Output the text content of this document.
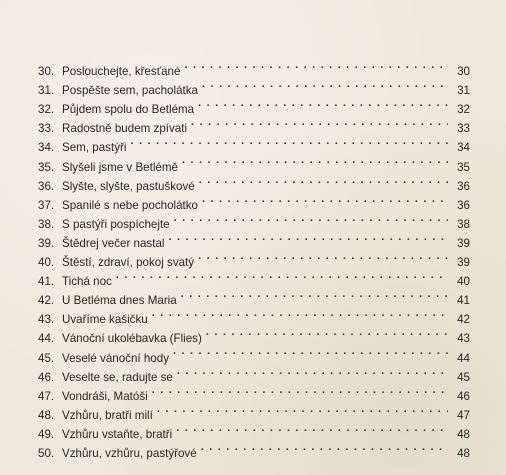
30. Poslouchejte, křesťané . . .	30
31. Pospěšte sem, pacholátka . . .	31
32. Půjdem spolu do Betléma . . .	32
33. Radostně budem zpívati . . .	33
34. Sem, pastýři . . .	34
35. Slyšeli jsme v Betlémě . . .	35
36. Slyšte, slyšte, pastuškové . . .	36
37. Spanilé s nebe pocholátko . . .	36
38. S pastýři pospíchejte . . .	38
39. Štědrej večer nastal . . .	39
40. Štěstí, zdraví, pokoj svatý . . .	39
41. Tichá noc . . .	40
42. U Betléma dnes Maria . . .	41
43. Uvaříme kašičku . . .	42
44. Vánoční ukolébavka (Flies) . . .	43
45. Veselé vánoční hody . . .	44
46. Veselte se, radujte se . . .	45
47. Vondráši, Matóši . . .	46
48. Vzhůru, bratři milí . . .	47
49. Vzhůru vstaňte, bratři . . .	48
50. Vzhůru, vzhůru, pastýřové . . .	48
